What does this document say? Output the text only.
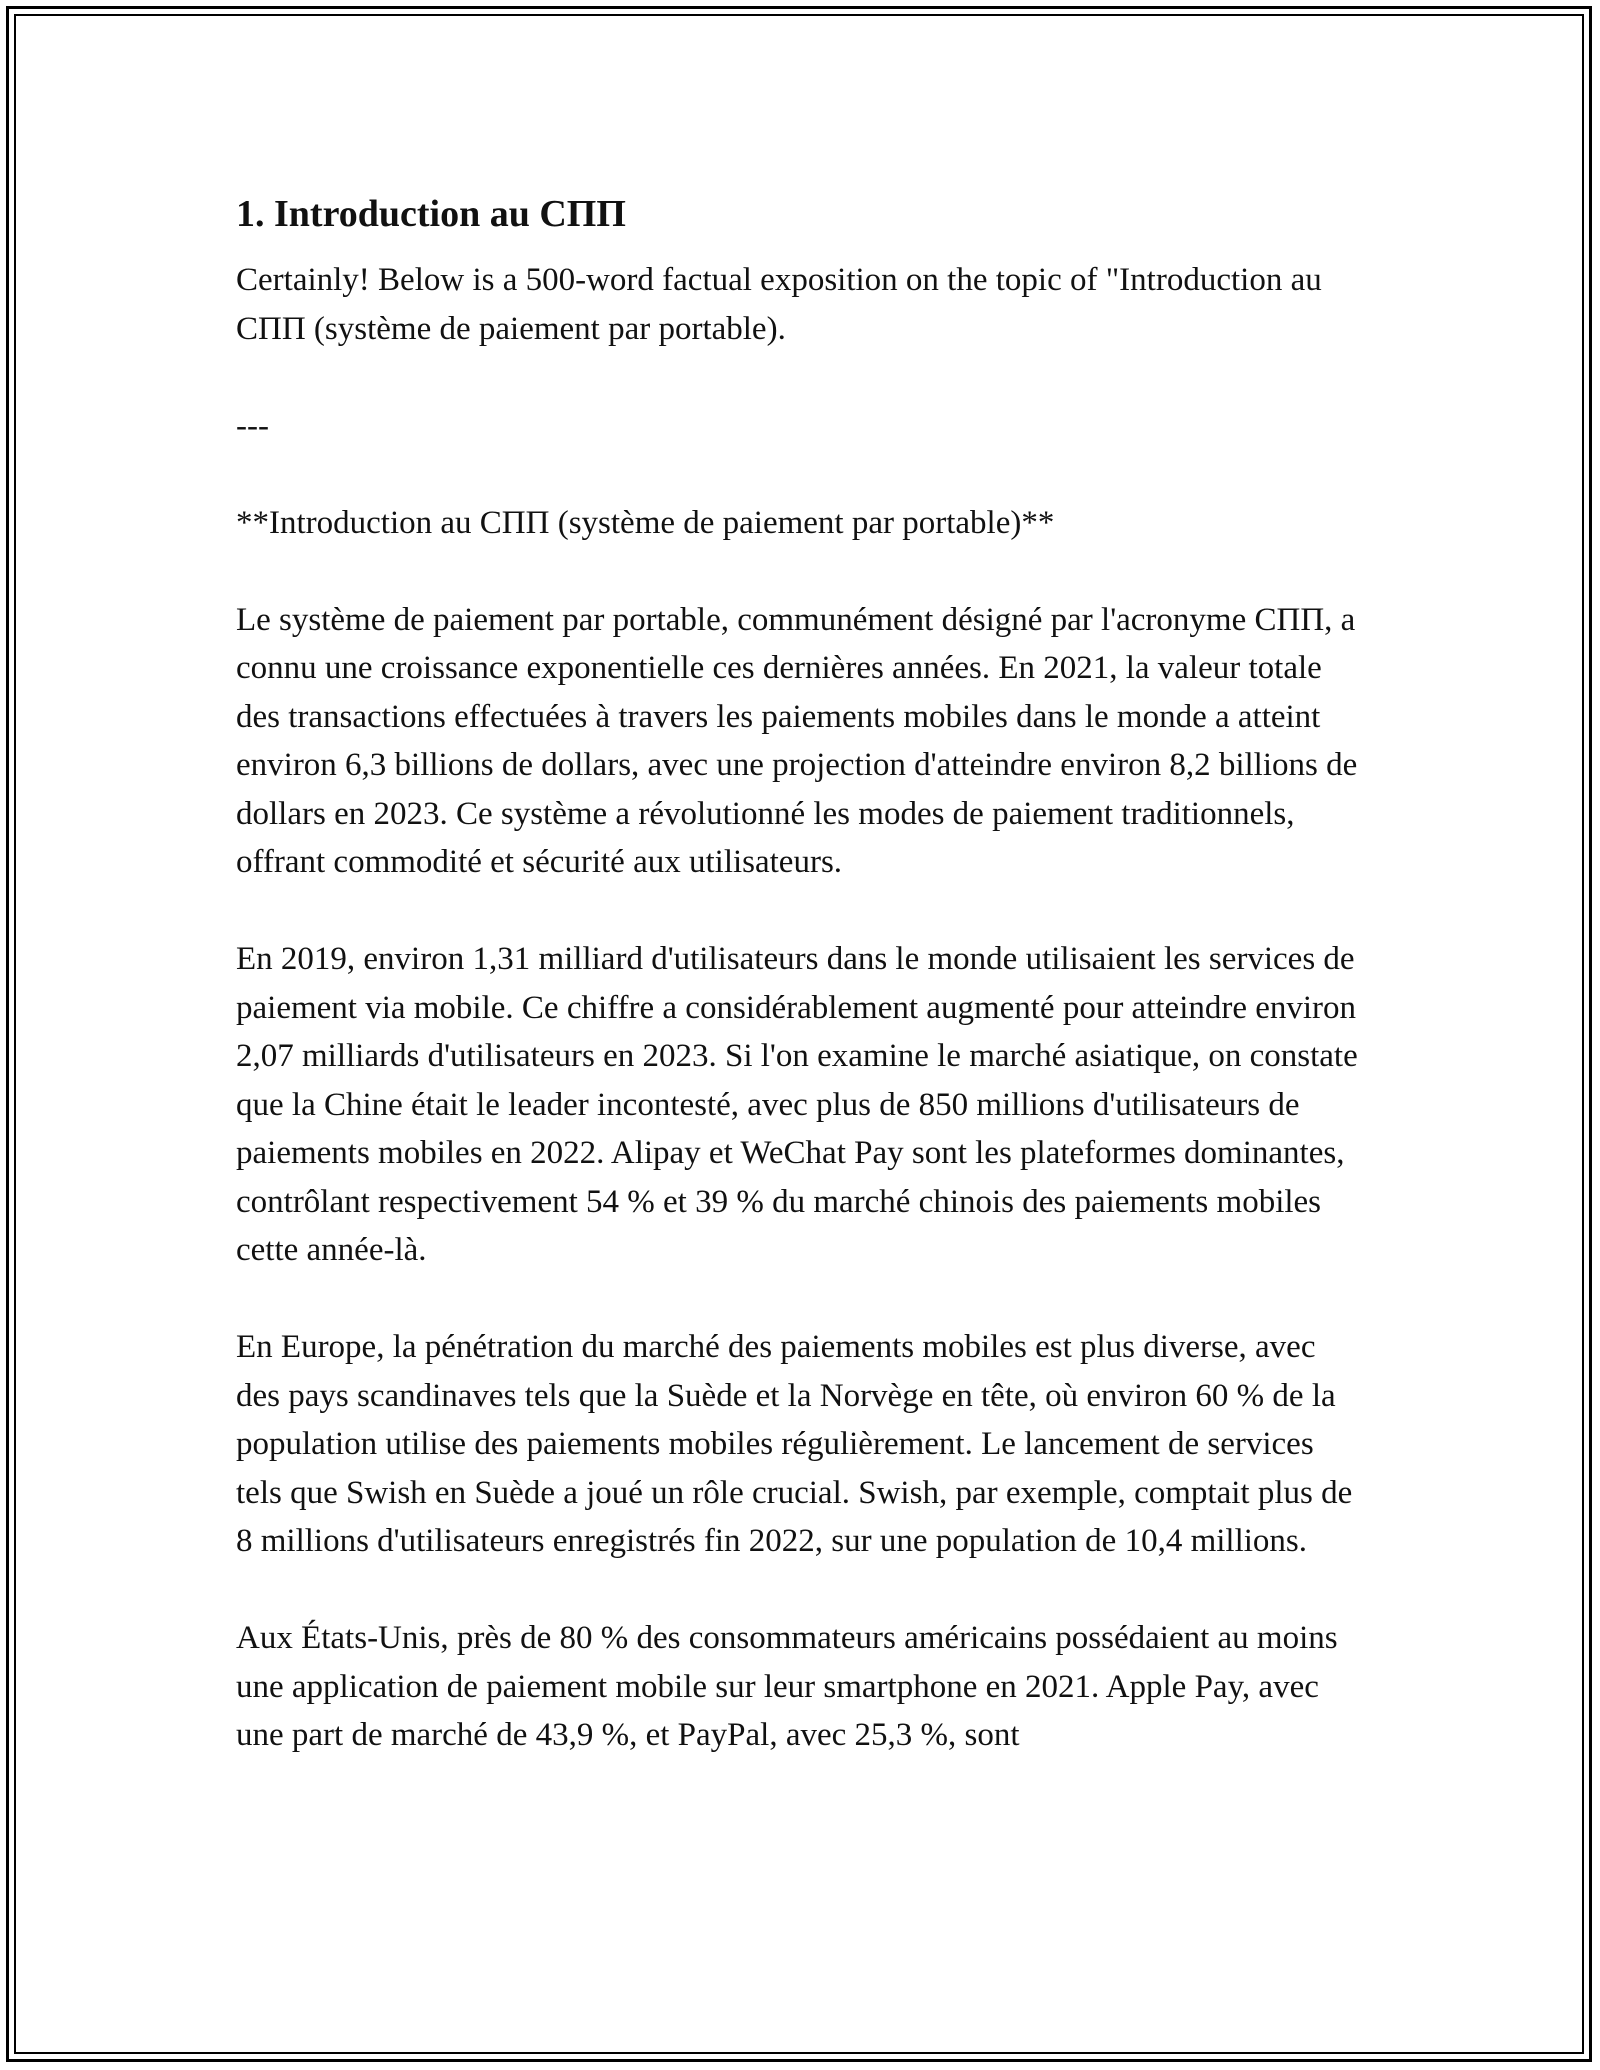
1. Introduction au СПП

Certainly! Below is a 500-word factual exposition on the topic of "Introduction au СПП (système de paiement par portable).

---

**Introduction au СПП (système de paiement par portable)**

Le système de paiement par portable, communément désigné par l'acronyme СПП, a connu une croissance exponentielle ces dernières années. En 2021, la valeur totale des transactions effectuées à travers les paiements mobiles dans le monde a atteint environ 6,3 billions de dollars, avec une projection d'atteindre environ 8,2 billions de dollars en 2023. Ce système a révolutionné les modes de paiement traditionnels, offrant commodité et sécurité aux utilisateurs.

En 2019, environ 1,31 milliard d'utilisateurs dans le monde utilisaient les services de paiement via mobile. Ce chiffre a considérablement augmenté pour atteindre environ 2,07 milliards d'utilisateurs en 2023. Si l'on examine le marché asiatique, on constate que la Chine était le leader incontesté, avec plus de 850 millions d'utilisateurs de paiements mobiles en 2022. Alipay et WeChat Pay sont les plateformes dominantes, contrôlant respectivement 54 % et 39 % du marché chinois des paiements mobiles cette année-là.

En Europe, la pénétration du marché des paiements mobiles est plus diverse, avec des pays scandinaves tels que la Suède et la Norvège en tête, où environ 60 % de la population utilise des paiements mobiles régulièrement. Le lancement de services tels que Swish en Suède a joué un rôle crucial. Swish, par exemple, comptait plus de 8 millions d'utilisateurs enregistrés fin 2022, sur une population de 10,4 millions.

Aux États-Unis, près de 80 % des consommateurs américains possédaient au moins une application de paiement mobile sur leur smartphone en 2021. Apple Pay, avec une part de marché de 43,9 %, et PayPal, avec 25,3 %, sont
